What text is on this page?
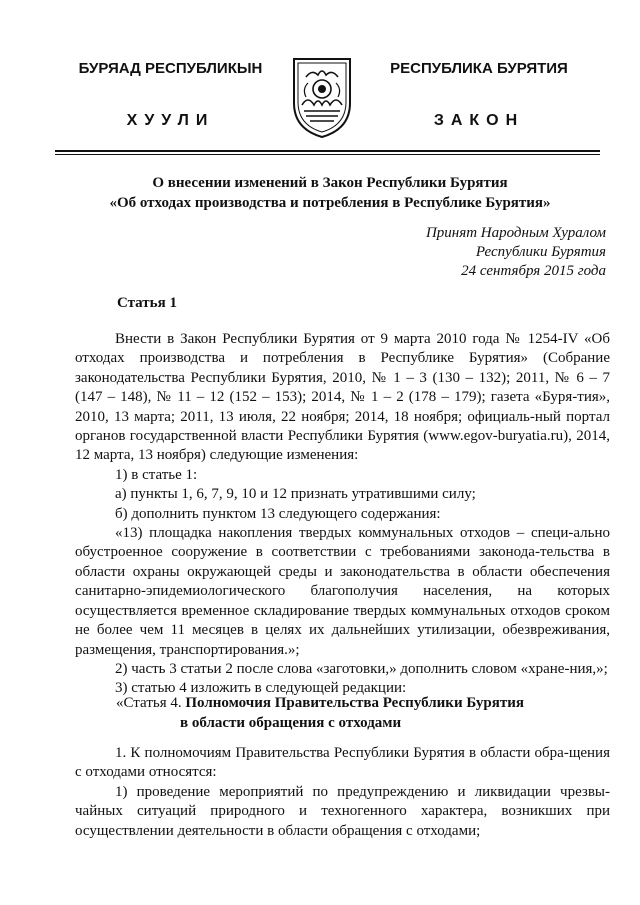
БУРЯАД РЕСПУБЛИКЫН
ХУУЛИ
РЕСПУБЛИКА БУРЯТИЯ
ЗАКОН
О внесении изменений в Закон Республики Бурятия
«Об отходах производства и потребления в Республике Бурятия»
Принят Народным Хуралом
Республики Бурятия
24 сентября 2015 года
Статья 1

Внести в Закон Республики Бурятия от 9 марта 2010 года № 1254-IV «Об отходах производства и потребления в Республике Бурятия» (Собрание законодательства Республики Бурятия, 2010, № 1 – 3 (130 – 132); 2011, № 6 – 7 (147 – 148), № 11 – 12 (152 – 153); 2014, № 1 – 2 (178 – 179); газета «Буря-тия», 2010, 13 марта; 2011, 13 июля, 22 ноября; 2014, 18 ноября; официаль-ный портал органов государственной власти Республики Бурятия (www.egov-buryatia.ru), 2014, 12 марта, 13 ноября) следующие изменения:

1) в статье 1:

а) пункты 1, 6, 7, 9, 10 и 12 признать утратившими силу;

б) дополнить пунктом 13 следующего содержания:

«13) площадка накопления твердых коммунальных отходов – специ-ально обустроенное сооружение в соответствии с требованиями законода-тельства в области охраны окружающей среды и законодательства в области обеспечения санитарно-эпидемиологического благополучия населения, на которых осуществляется временное складирование твердых коммунальных отходов сроком не более чем 11 месяцев в целях их дальнейших утилизации, обезвреживания, размещения, транспортирования.»;

2) часть 3 статьи 2 после слова «заготовки,» дополнить словом «хране-ния,»;

3) статью 4 изложить в следующей редакции:

«Статья 4. Полномочия Правительства Республики Бурятия
в области обращения с отходами

1. К полномочиям Правительства Республики Бурятия в области обра-щения с отходами относятся:

1) проведение мероприятий по предупреждению и ликвидации чрезвы-чайных ситуаций природного и техногенного характера, возникших при осуществлении деятельности в области обращения с отходами;
